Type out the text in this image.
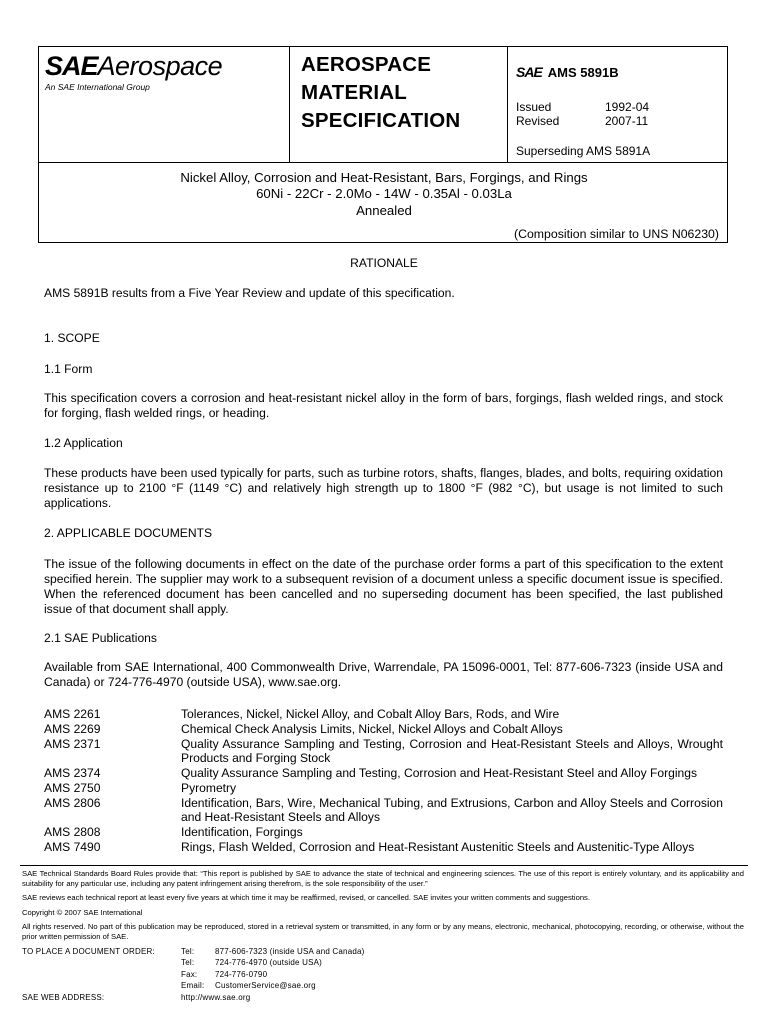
SAEAerospace
An SAE International Group
AEROSPACE
MATERIAL
SPECIFICATION
SAE AMS 5891B
Issued	1992-04
Revised	2007-11
Superseding AMS 5891A
Nickel Alloy, Corrosion and Heat-Resistant, Bars, Forgings, and Rings
60Ni - 22Cr - 2.0Mo - 14W - 0.35Al - 0.03La
Annealed
(Composition similar to UNS N06230)
RATIONALE
AMS 5891B results from a Five Year Review and update of this specification.
1. SCOPE
1.1 Form
This specification covers a corrosion and heat-resistant nickel alloy in the form of bars, forgings, flash welded rings, and stock for forging, flash welded rings, or heading.
1.2 Application
These products have been used typically for parts, such as turbine rotors, shafts, flanges, blades, and bolts, requiring oxidation resistance up to 2100 °F (1149 °C) and relatively high strength up to 1800 °F (982 °C), but usage is not limited to such applications.
2. APPLICABLE DOCUMENTS
The issue of the following documents in effect on the date of the purchase order forms a part of this specification to the extent specified herein. The supplier may work to a subsequent revision of a document unless a specific document issue is specified. When the referenced document has been cancelled and no superseding document has been specified, the last published issue of that document shall apply.
2.1 SAE Publications
Available from SAE International, 400 Commonwealth Drive, Warrendale, PA 15096-0001, Tel: 877-606-7323 (inside USA and Canada) or 724-776-4970 (outside USA), www.sae.org.
AMS 2261	Tolerances, Nickel, Nickel Alloy, and Cobalt Alloy Bars, Rods, and Wire
AMS 2269	Chemical Check Analysis Limits, Nickel, Nickel Alloys and Cobalt Alloys
AMS 2371	Quality Assurance Sampling and Testing, Corrosion and Heat-Resistant Steels and Alloys, Wrought Products and Forging Stock
AMS 2374	Quality Assurance Sampling and Testing, Corrosion and Heat-Resistant Steel and Alloy Forgings
AMS 2750	Pyrometry
AMS 2806	Identification, Bars, Wire, Mechanical Tubing, and Extrusions, Carbon and Alloy Steels and Corrosion and Heat-Resistant Steels and Alloys
AMS 2808	Identification, Forgings
AMS 7490	Rings, Flash Welded, Corrosion and Heat-Resistant Austenitic Steels and Austenitic-Type Alloys
SAE Technical Standards Board Rules provide that: “This report is published by SAE to advance the state of technical and engineering sciences. The use of this report is entirely voluntary, and its applicability and suitability for any particular use, including any patent infringement arising therefrom, is the sole responsibility of the user.”
SAE reviews each technical report at least every five years at which time it may be reaffirmed, revised, or cancelled. SAE invites your written comments and suggestions.
Copyright © 2007 SAE International
All rights reserved. No part of this publication may be reproduced, stored in a retrieval system or transmitted, in any form or by any means, electronic, mechanical, photocopying, recording, or otherwise, without the prior written permission of SAE.
TO PLACE A DOCUMENT ORDER:	Tel:	877-606-7323 (inside USA and Canada)
Tel:	724-776-4970 (outside USA)
Fax: 724-776-0790
Email: CustomerService@sae.org
SAE WEB ADDRESS:	http://www.sae.org
